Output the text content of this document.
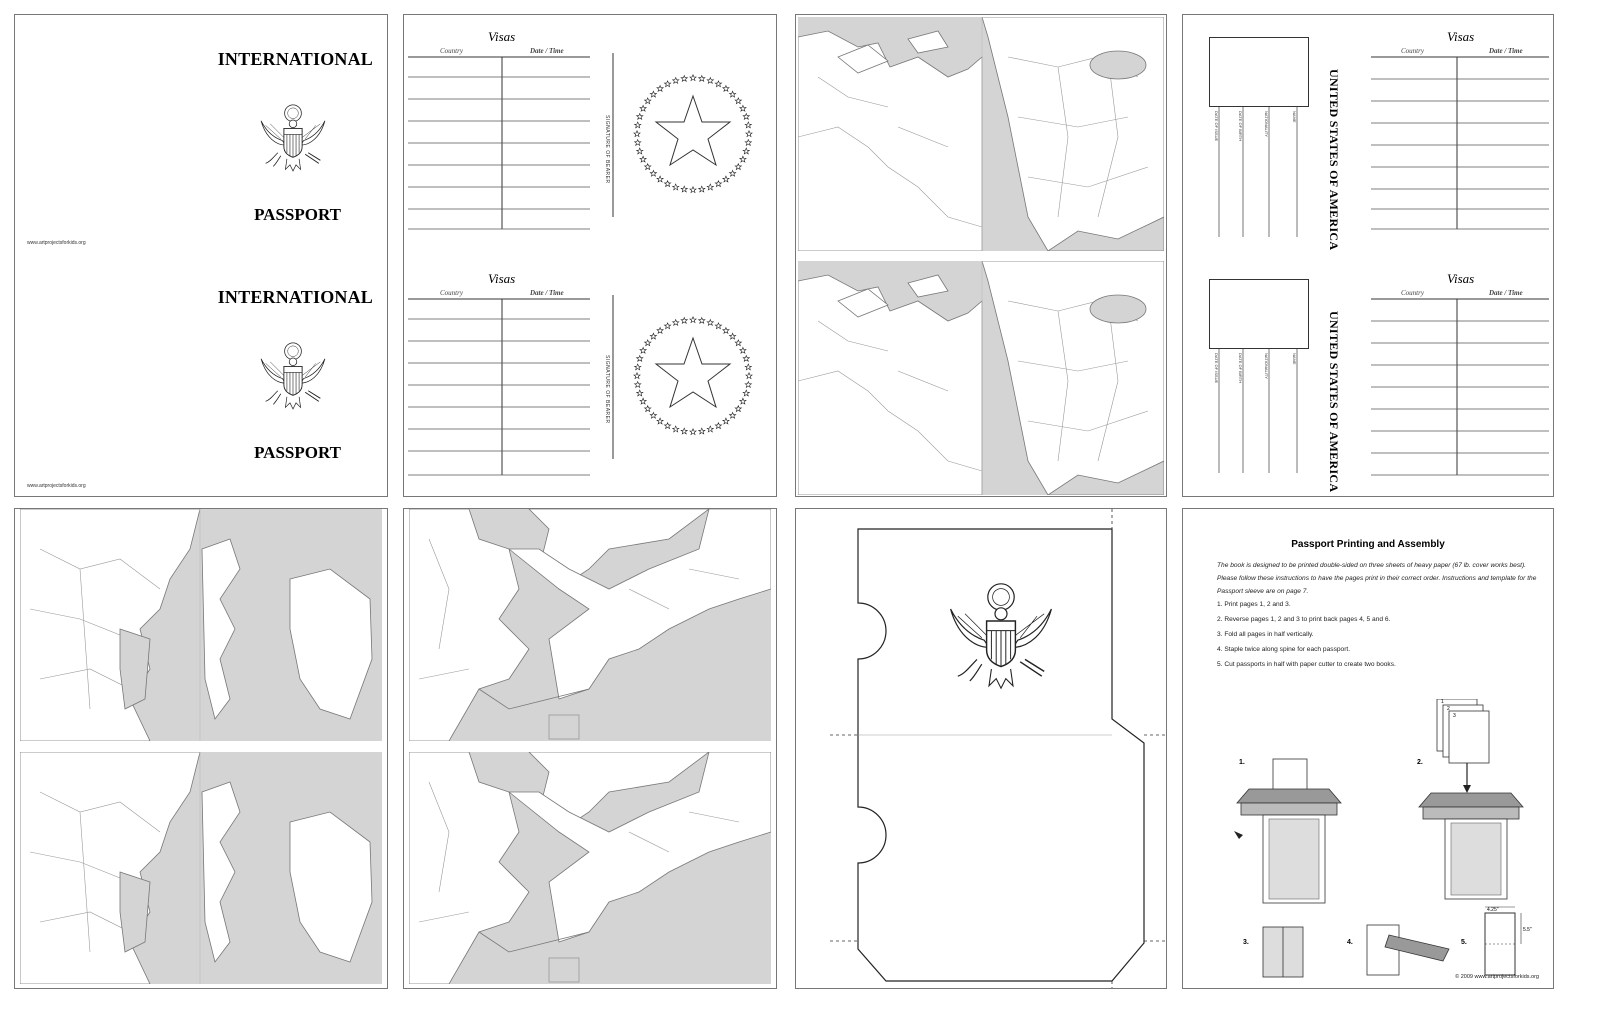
INTERNATIONAL
PASSPORT
www.artprojectsforkids.org
INTERNATIONAL
PASSPORT
www.artprojectsforkids.org
Visas
Country	Date / Time
SIGNATURE OF BEARER
Visas
Country	Date / Time
SIGNATURE OF BEARER
NAME
NATIONALITY
DATE OF BIRTH
DATE OF ISSUE	UNITED STATES OF AMERICA
Visas
Country	Date / Time
NAME
NATIONALITY
DATE OF BIRTH
DATE OF ISSUE	UNITED STATES OF AMERICA
Visas
Country	Date / Time
Passport Printing and Assembly
The book is designed to be printed double-sided on three sheets of heavy paper (67 lb. cover works best). Please follow these instructions to have the pages print in their correct order. Instructions and template for the Passport sleeve are on page 7.
1. Print pages 1, 2 and 3.
2. Reverse pages 1, 2 and 3 to print back pages 4, 5 and 6.
3. Fold all pages in half vertically.
4. Staple twice along spine for each passport.
5. Cut passports in half with paper cutter to create two books.
1.	2.
3.	4.	5.
1
2
3
4.25"
5.5"
© 2009 www.artprojectsforkids.org
